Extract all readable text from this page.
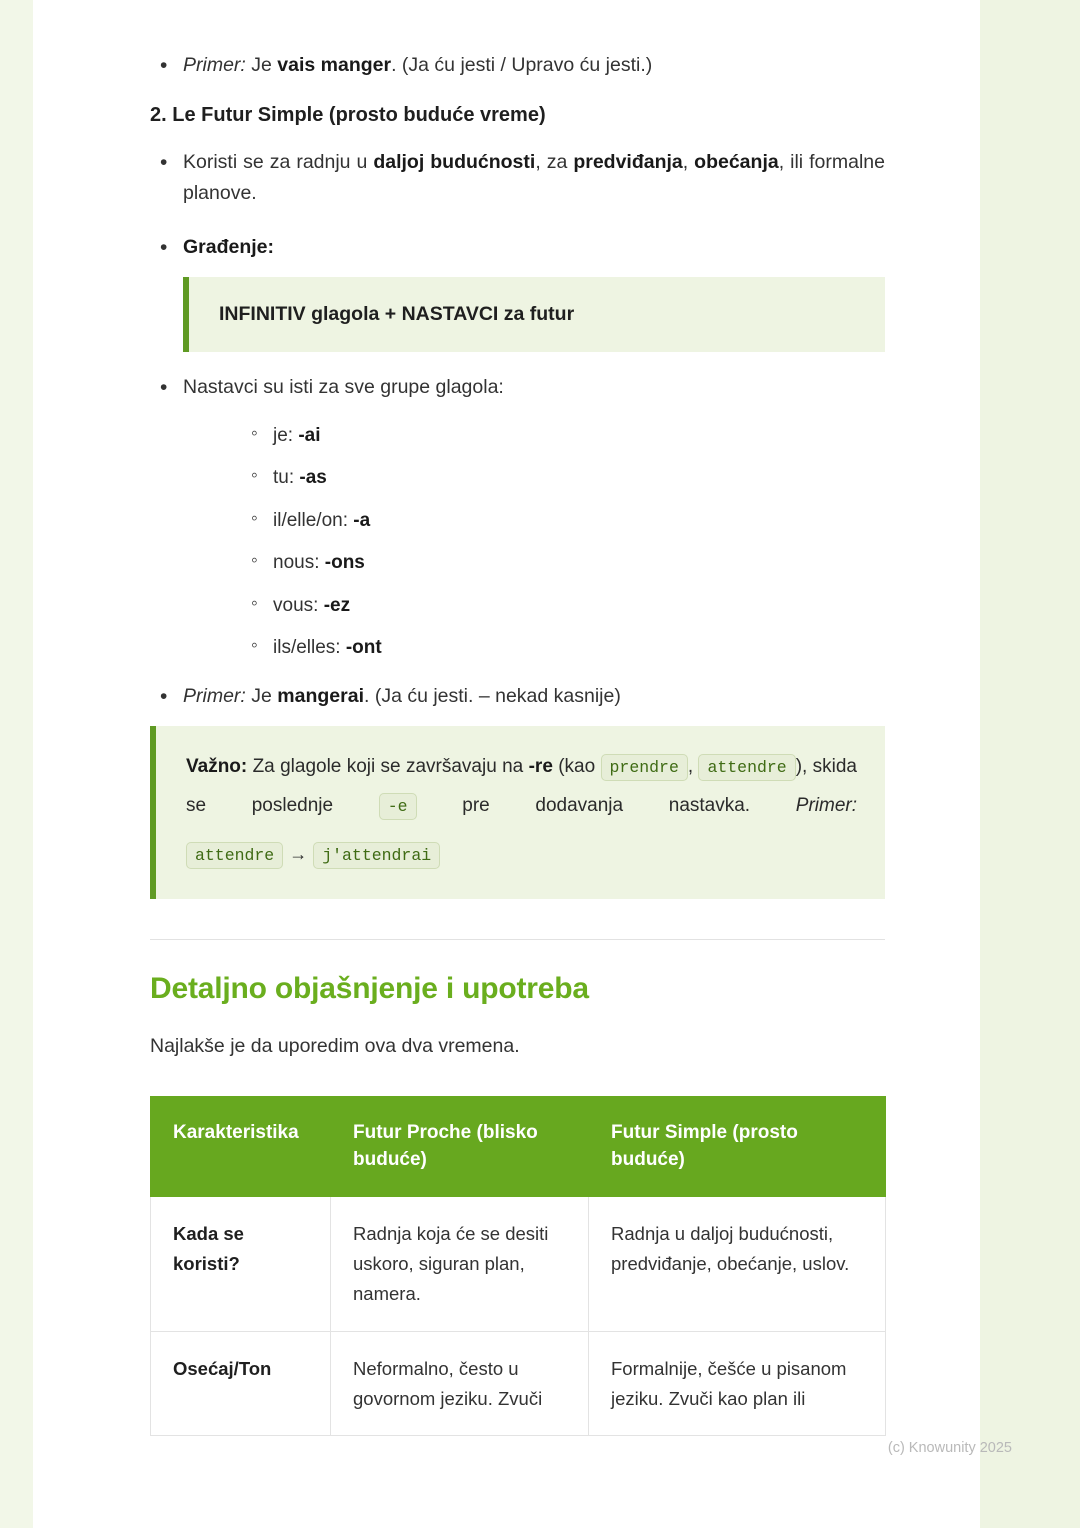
• Primer: Je vais manger. (Ja ću jesti / Upravo ću jesti.)
2. Le Futur Simple (prosto buduće vreme)
• Koristi se za radnju u daljoj budućnosti, za predviđanja, obećanja, ili formalne planove.
• Građenje:
INFINITIV glagola + NASTAVCI za futur
• Nastavci su isti za sve grupe glagola:
◦ je: -ai
◦ tu: -as
◦ il/elle/on: -a
◦ nous: -ons
◦ vous: -ez
◦ ils/elles: -ont
• Primer: Je mangerai. (Ja ću jesti. – nekad kasnije)
Važno: Za glagole koji se završavaju na -re (kao prendre , attendre ), skida se poslednje -e pre dodavanja nastavka. Primer: attendre → j'attendrai
Detaljno objašnjenje i upotreba

Najlakše je da uporedim ova dva vremena.

Karakteristika	Futur Proche (blisko buduće)	Futur Simple (prosto buduće)
Kada se koristi?	Radnja koja će se desiti uskoro, siguran plan, namera.	Radnja u daljoj budućnosti, predviđanje, obećanje, uslov.
Osećaj/Ton	Neformalno, često u govornom jeziku. Zvuči	Formalnije, češće u pisanom jeziku. Zvuči kao plan ili
(c) Knowunity 2025
